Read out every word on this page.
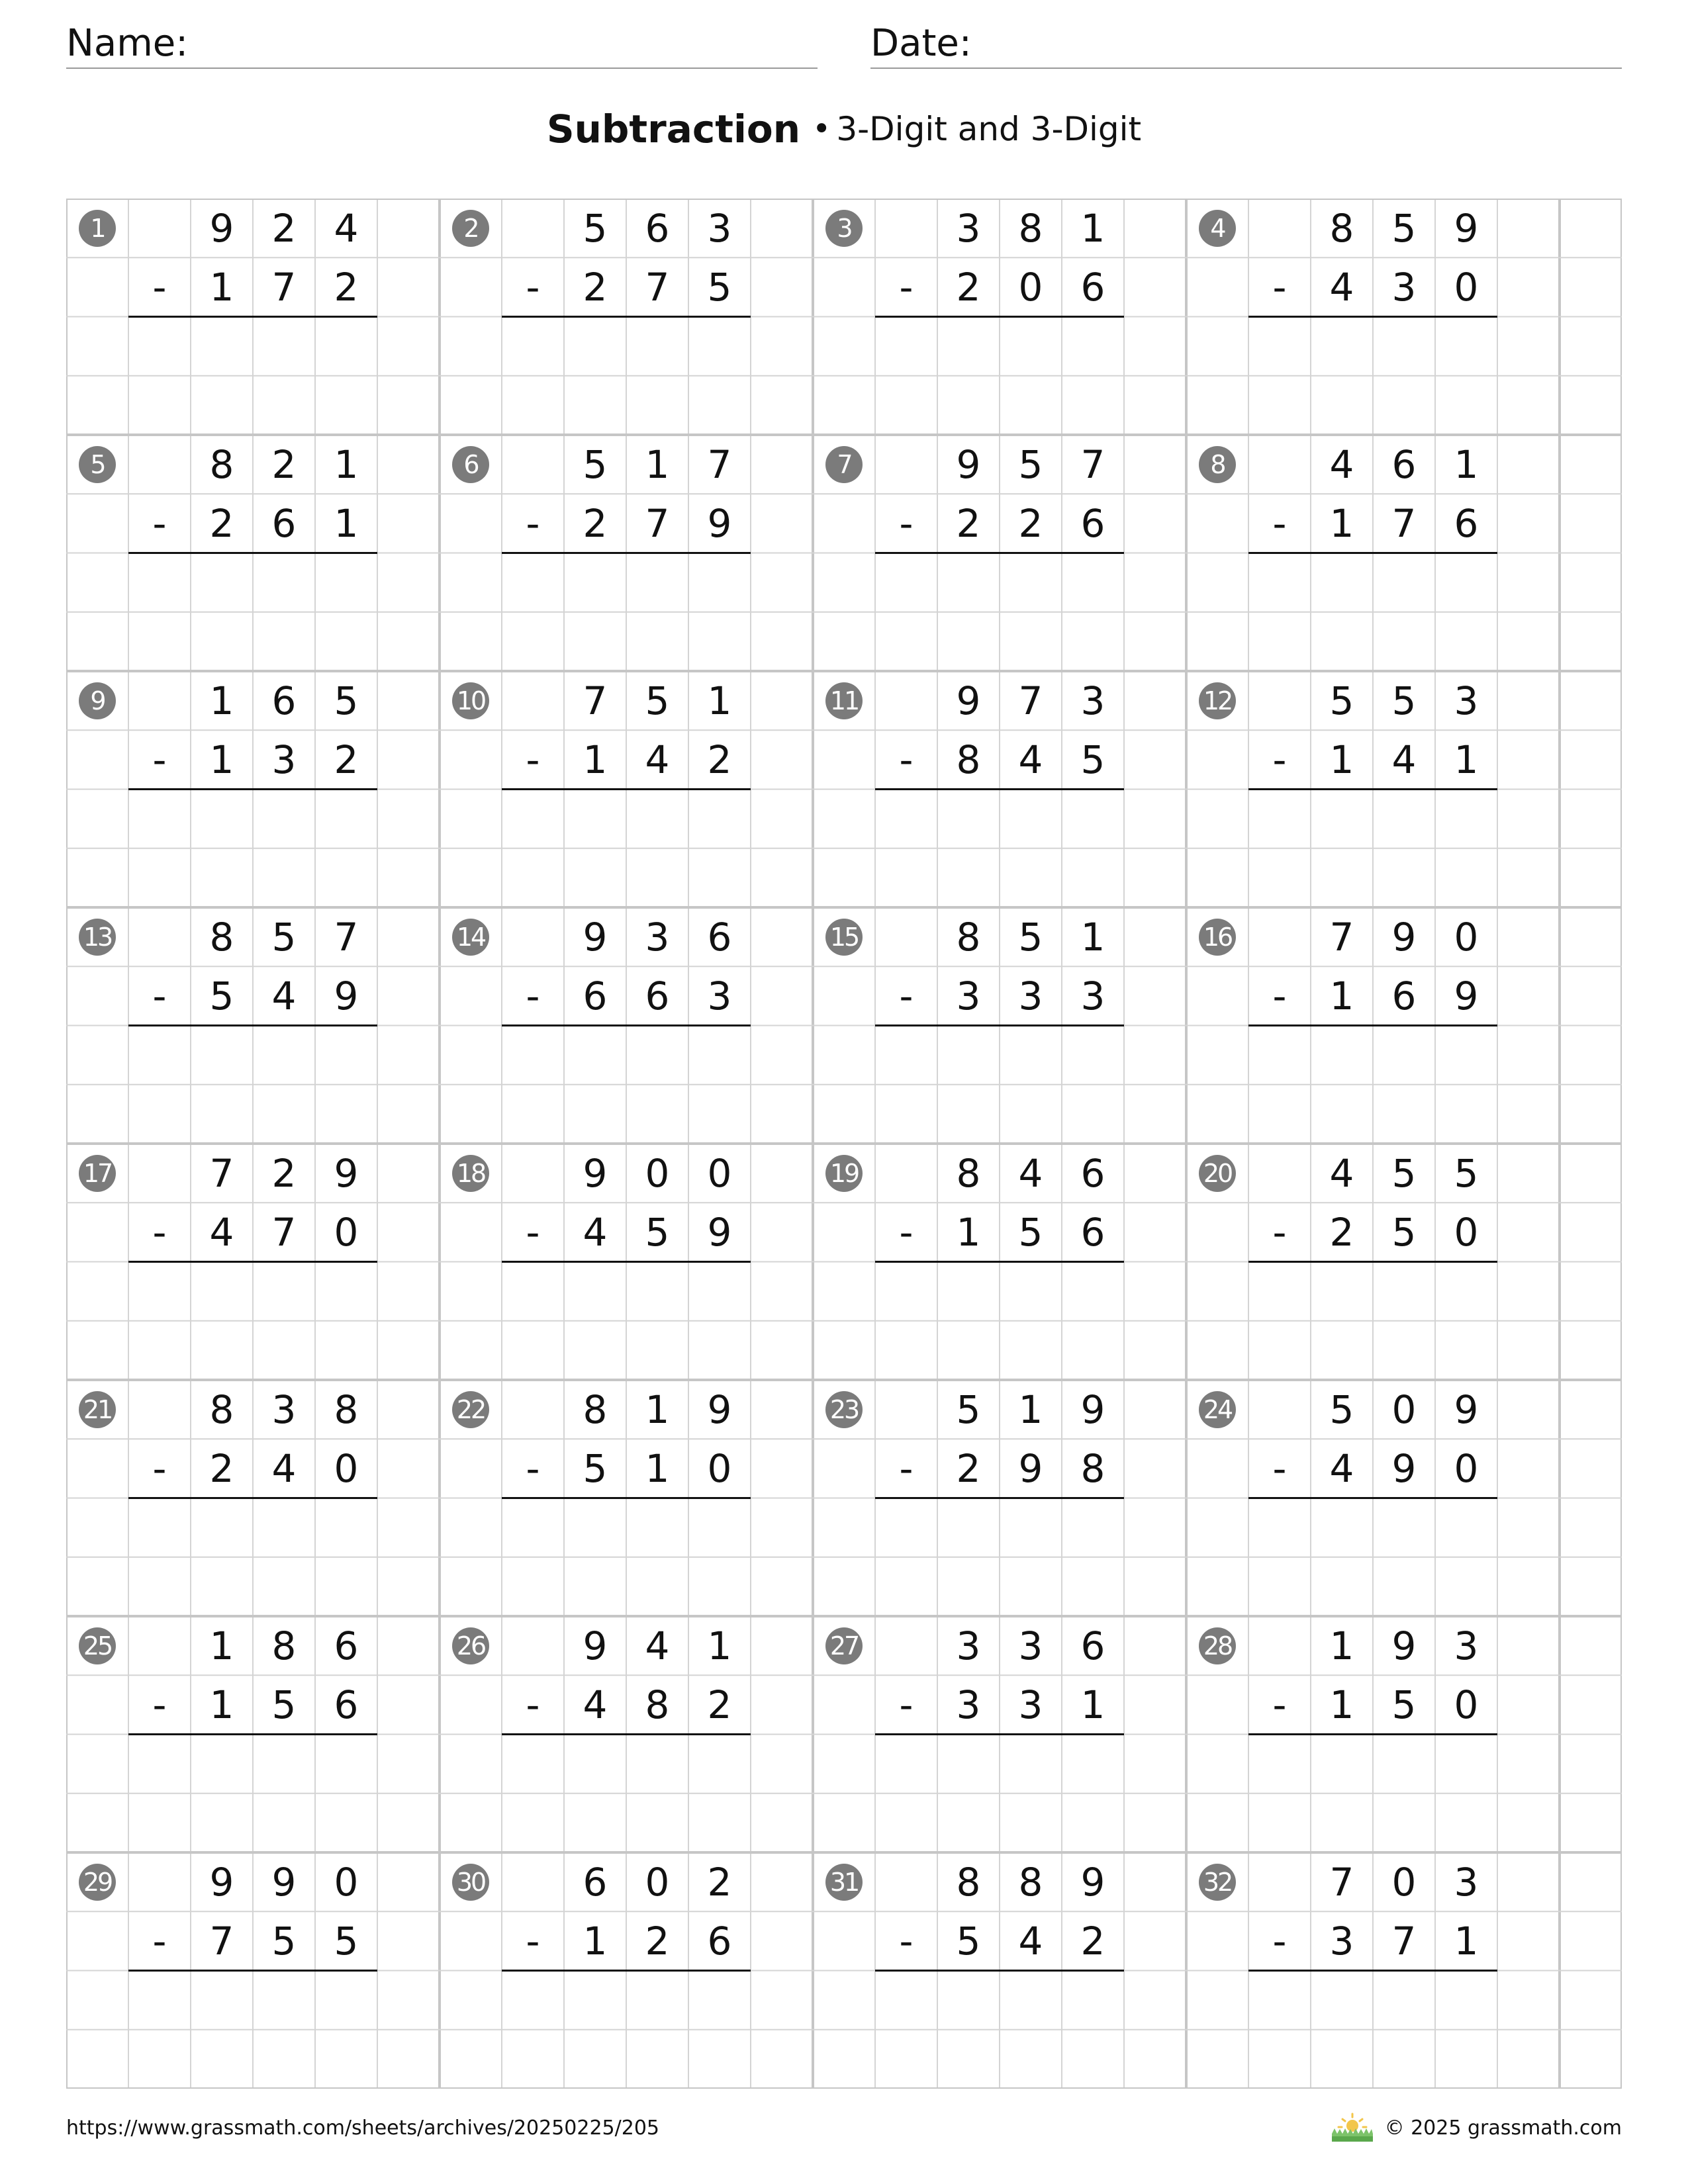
Name:	Date:
Subtraction • 3-Digit and 3-Digit
1	9 2 4
-	1 7 2
2	5 6 3
-	2 7 5
3	3 8 1
-	2 0 6
4	8 5 9
-	4 3 0
5	8 2 1
-	2 6 1
6	5 1 7
-	2 7 9
7	9 5 7
-	2 2 6
8	4 6 1
-	1 7 6
9	1 6 5
-	1 3 2
10	7 5 1
-	1 4 2
11	9 7 3
-	8 4 5
12	5 5 3
-	1 4 1
13	8 5 7
-	5 4 9
14	9 3 6
-	6 6 3
15	8 5 1
-	3 3 3
16	7 9 0
-	1 6 9
17	7 2 9
-	4 7 0
18	9 0 0
-	4 5 9
19	8 4 6
-	1 5 6
20	4 5 5
-	2 5 0
21	8 3 8
-	2 4 0
22	8 1 9
-	5 1 0
23	5 1 9
-	2 9 8
24	5 0 9
-	4 9 0
25	1 8 6
-	1 5 6
26	9 4 1
-	4 8 2
27	3 3 6
-	3 3 1
28	1 9 3
-	1 5 0
29	9 9 0
-	7 5 5
30	6 0 2
-	1 2 6
31	8 8 9
-	5 4 2
32	7 0 3
-	3 7 1
https://www.grassmath.com/sheets/archives/20250225/205	© 2025 grassmath.com
